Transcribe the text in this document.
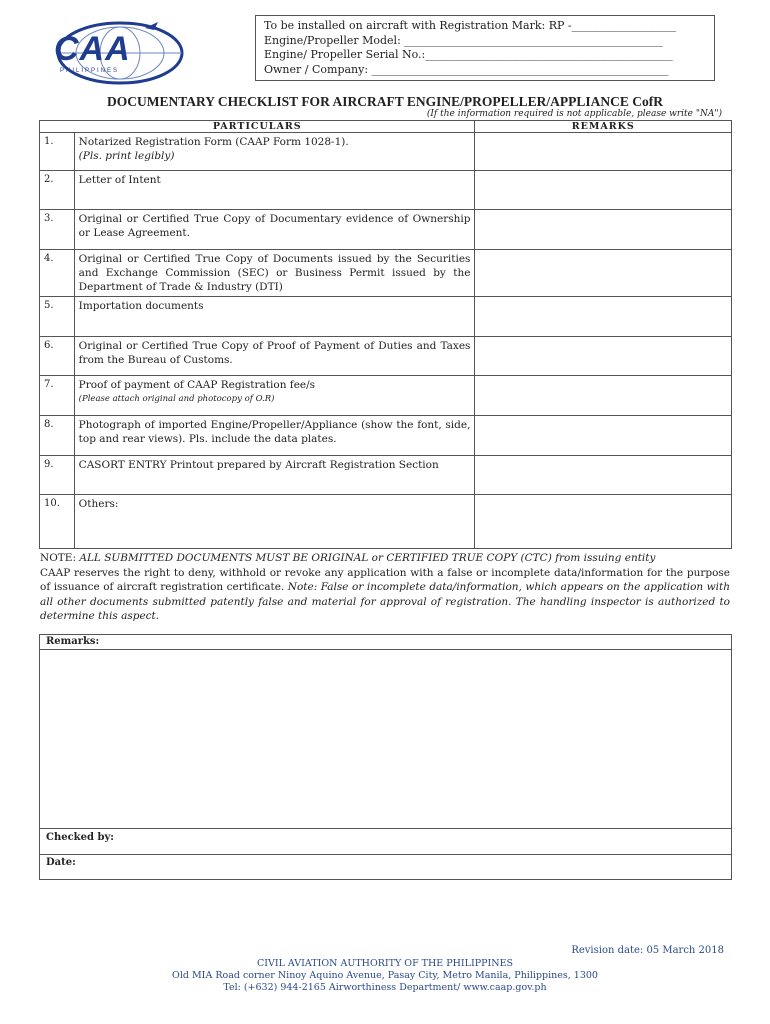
CAA
PHILIPPINES
To be installed on aircraft with Registration Mark: RP -___________________
Engine/Propeller Model: _______________________________________________
Engine/ Propeller Serial No.:_____________________________________________
Owner / Company: ______________________________________________________
DOCUMENTARY CHECKLIST FOR AIRCRAFT ENGINE/PROPELLER/APPLIANCE CofR
(If the information required is not applicable, please write "NA")
PARTICULARS		REMARKS
1.	Notarized Registration Form (CAAP Form 1028-1).
(Pls. print legibly)	

2.	Letter of Intent	
3.	Original or Certified True Copy of Documentary evidence of Ownership or Lease Agreement.	
4.	Original or Certified True Copy of Documents issued by the Securities and Exchange Commission (SEC) or Business Permit issued by the Department of Trade & Industry (DTI)	
5.	Importation documents	
6.	Original or Certified True Copy of Proof of Payment of Duties and Taxes from the Bureau of Customs.	
7.	Proof of payment of CAAP Registration fee/s
(Please attach original and photocopy of O.R)	

8.	Photograph of imported Engine/Propeller/Appliance (show the font, side, top and rear views). Pls. include the data plates.	
9.	CASORT ENTRY Printout prepared by Aircraft Registration Section	
10.	Others:	
NOTE: ALL SUBMITTED DOCUMENTS MUST BE ORIGINAL or CERTIFIED TRUE COPY (CTC) from issuing entity
CAAP reserves the right to deny, withhold or revoke any application with a false or incomplete data/information for the purpose of issuance of aircraft registration certificate. Note: False or incomplete data/information, which appears on the application with all other documents submitted patently false and material for approval of registration. The handling inspector is authorized to determine this aspect.
Remarks:
Checked by:
Date:
Revision date: 05 March 2018
CIVIL AVIATION AUTHORITY OF THE PHILIPPINES
Old MIA Road corner Ninoy Aquino Avenue, Pasay City, Metro Manila, Philippines, 1300
Tel: (+632) 944-2165 Airworthiness Department/ www.caap.gov.ph
